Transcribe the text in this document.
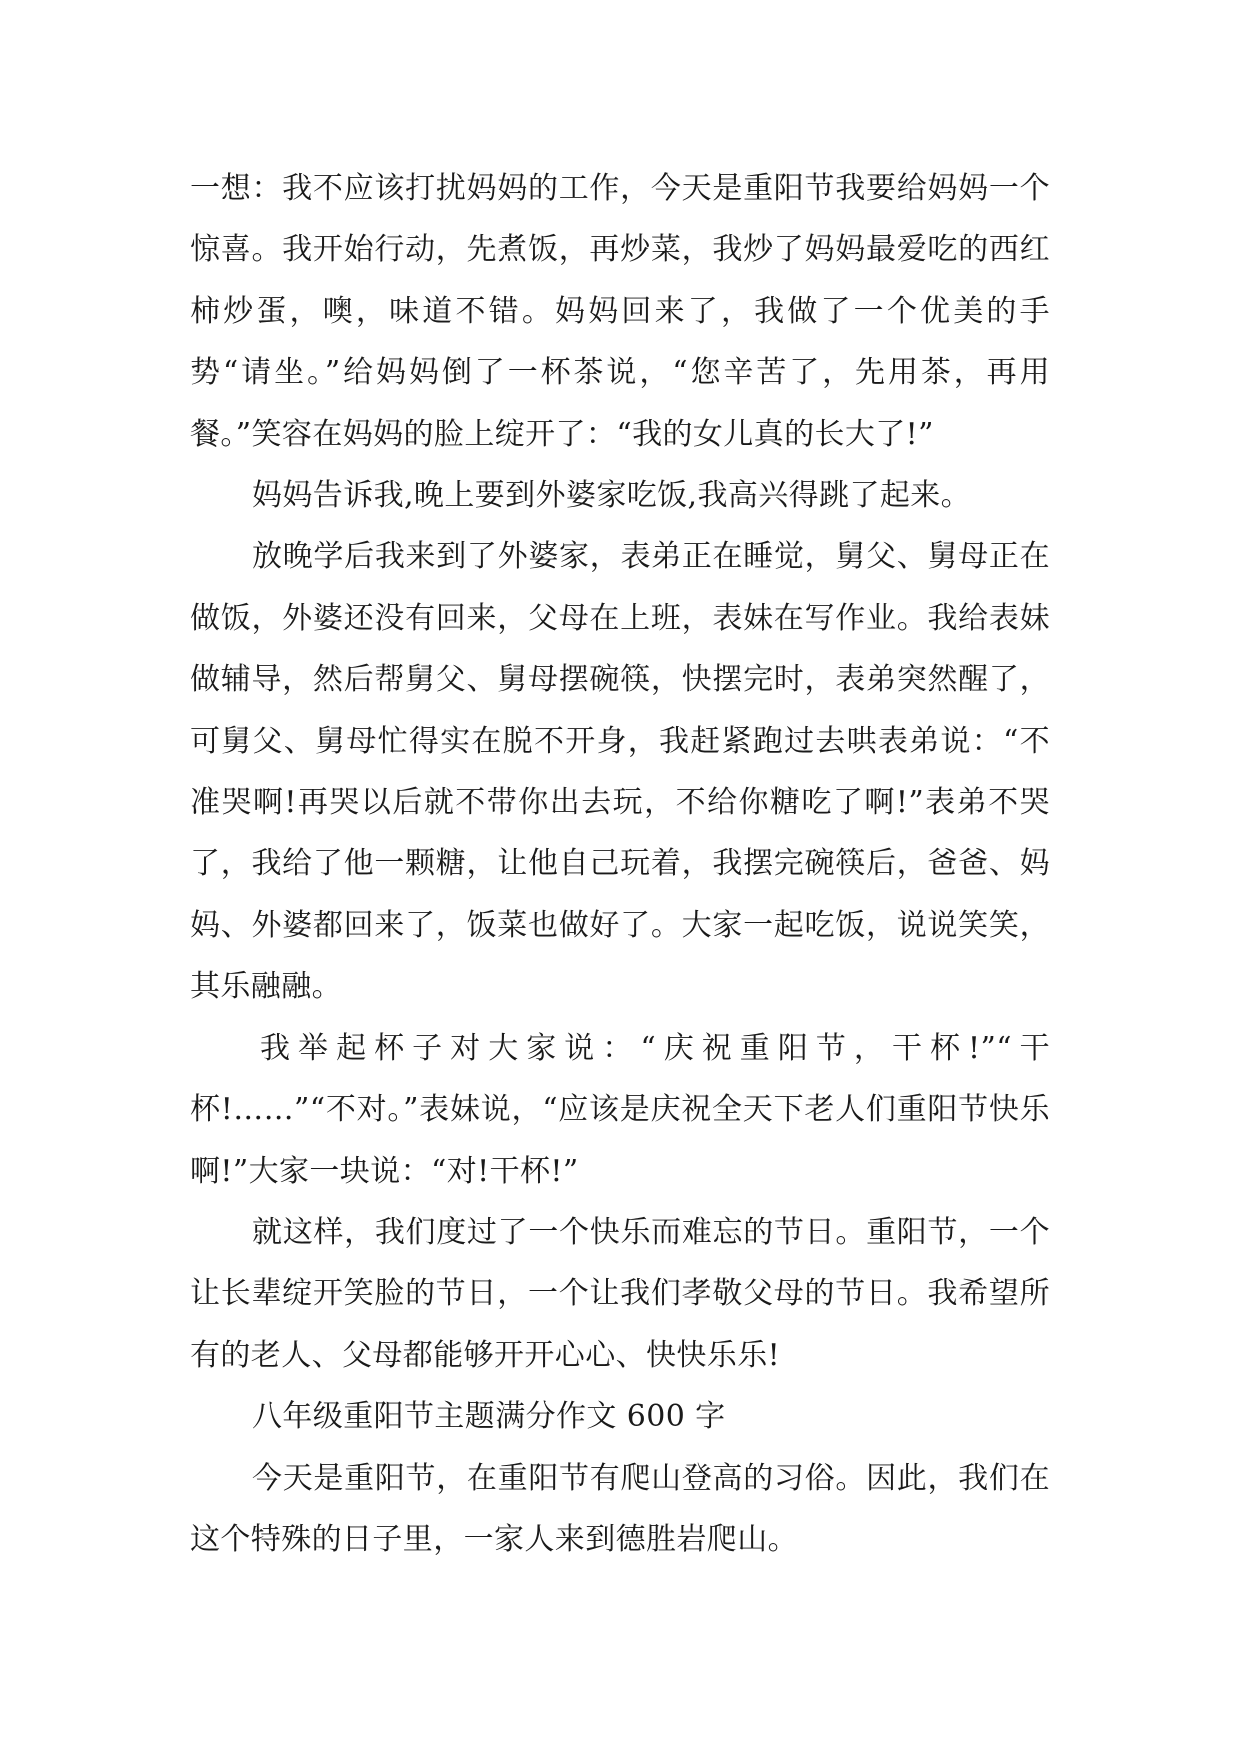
一想：我不应该打扰妈妈的工作，今天是重阳节我要给妈妈一个惊喜。我开始行动，先煮饭，再炒菜，我炒了妈妈最爱吃的西红柿炒蛋，噢，味道不错。妈妈回来了，我做了一个优美的手势“请坐。”给妈妈倒了一杯茶说，“您辛苦了，先用茶，再用餐。”笑容在妈妈的脸上绽开了：“我的女儿真的长大了!”

妈妈告诉我,晚上要到外婆家吃饭,我高兴得跳了起来。

放晚学后我来到了外婆家，表弟正在睡觉，舅父、舅母正在做饭，外婆还没有回来，父母在上班，表妹在写作业。我给表妹做辅导，然后帮舅父、舅母摆碗筷，快摆完时，表弟突然醒了，可舅父、舅母忙得实在脱不开身，我赶紧跑过去哄表弟说：“不准哭啊!再哭以后就不带你出去玩，不给你糖吃了啊!”表弟不哭了，我给了他一颗糖，让他自己玩着，我摆完碗筷后，爸爸、妈妈、外婆都回来了，饭菜也做好了。大家一起吃饭，说说笑笑，其乐融融。

我举起杯子对大家说：“庆祝重阳节，干杯!”“干杯!……”“不对。”表妹说，“应该是庆祝全天下老人们重阳节快乐啊!”大家一块说：“对!干杯!”

就这样，我们度过了一个快乐而难忘的节日。重阳节，一个让长辈绽开笑脸的节日，一个让我们孝敬父母的节日。我希望所有的老人、父母都能够开开心心、快快乐乐!

八年级重阳节主题满分作文 600 字

今天是重阳节，在重阳节有爬山登高的习俗。因此，我们在这个特殊的日子里，一家人来到德胜岩爬山。
